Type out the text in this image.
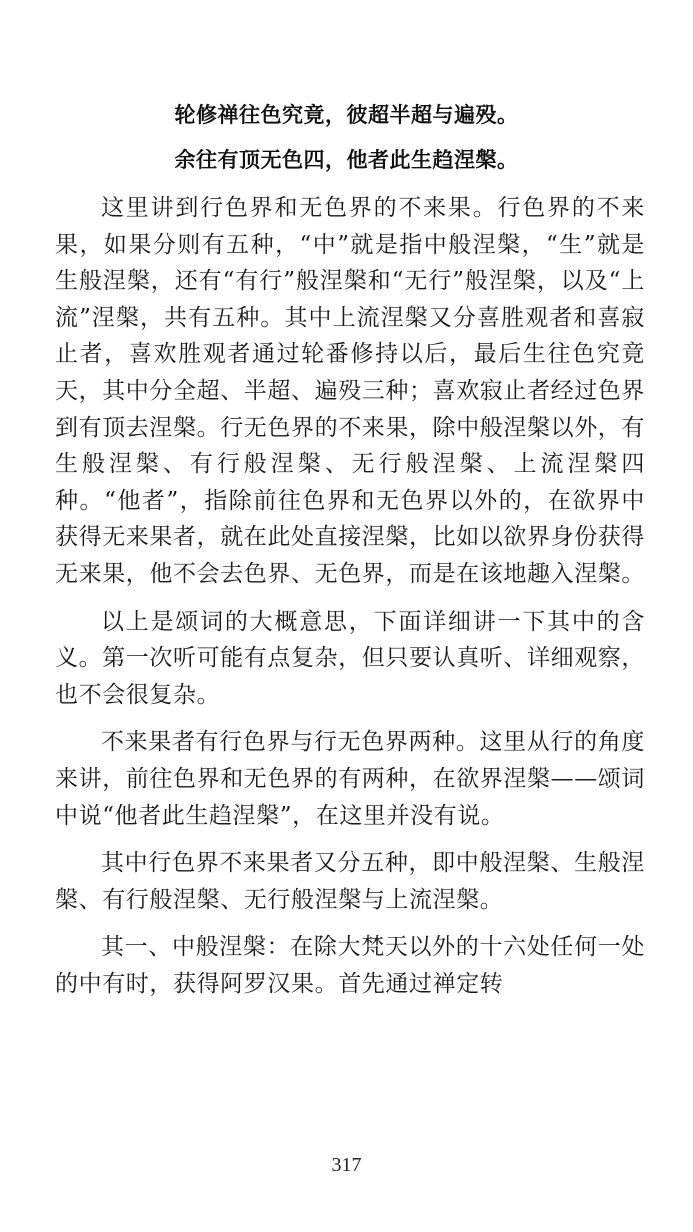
轮修禅往色究竟，彼超半超与遍殁。
余往有顶无色四，他者此生趋涅槃。

这里讲到行色界和无色界的不来果。行色界的不来果，如果分则有五种，“中”就是指中般涅槃，“生”就是生般涅槃，还有“有行”般涅槃和“无行”般涅槃，以及“上流”涅槃，共有五种。其中上流涅槃又分喜胜观者和喜寂止者，喜欢胜观者通过轮番修持以后，最后生往色究竟天，其中分全超、半超、遍殁三种；喜欢寂止者经过色界到有顶去涅槃。行无色界的不来果，除中般涅槃以外，有生般涅槃、有行般涅槃、无行般涅槃、上流涅槃四种。“他者”，指除前往色界和无色界以外的，在欲界中获得无来果者，就在此处直接涅槃，比如以欲界身份获得无来果，他不会去色界、无色界，而是在该地趣入涅槃。

以上是颂词的大概意思，下面详细讲一下其中的含义。第一次听可能有点复杂，但只要认真听、详细观察，也不会很复杂。

不来果者有行色界与行无色界两种。这里从行的角度来讲，前往色界和无色界的有两种，在欲界涅槃——颂词中说“他者此生趋涅槃”，在这里并没有说。

其中行色界不来果者又分五种，即中般涅槃、生般涅槃、有行般涅槃、无行般涅槃与上流涅槃。

其一、中般涅槃：在除大梵天以外的十六处任何一处的中有时，获得阿罗汉果。首先通过禅定转

317
